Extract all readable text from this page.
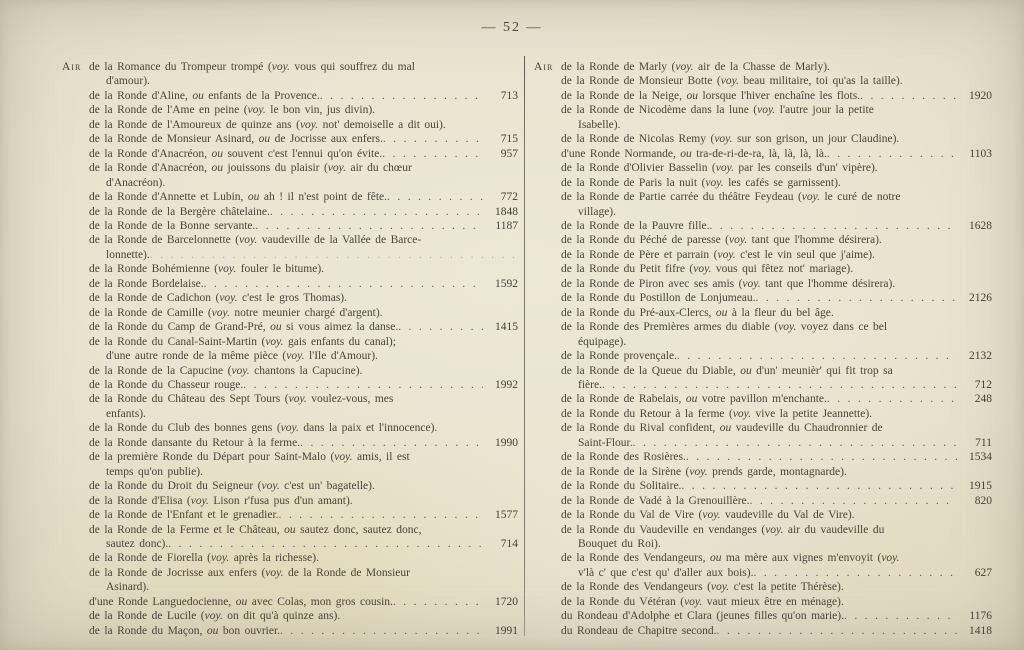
— 52 —
Air de la Romance du Trompeur trompé (voy. vous qui souffrez du mal
d'amour).
de la Ronde d'Aline, ou enfants de la Provence. . . .	713
de la Ronde de l'Ame en peine (voy. le bon vin, jus divin).
de la Ronde de l'Amoureux de quinze ans (voy. not' demoiselle a dit oui).
de la Ronde de Monsieur Asinard, ou de Jocrisse aux enfers. . . .	715
de la Ronde d'Anacréon, ou souvent c'est l'ennui qu'on évite. . . .	957
de la Ronde d'Anacréon, ou jouissons du plaisir (voy. air du chœur
d'Anacréon).
de la Ronde d'Annette et Lubin, ou ah ! il n'est point de fête. . . .	772
de la Ronde de la Bergère châtelaine. . . .	1848
de la Ronde de la Bonne servante. . . .	1187
de la Ronde de Barcelonnette (voy. vaudeville de la Vallée de Barce-
lonnette).
. . .
de la Ronde Bohémienne (voy. fouler le bitume).
de la Ronde Bordelaise. . . .	1592
de la Ronde de Cadichon (voy. c'est le gros Thomas).
de la Ronde de Camille (voy. notre meunier chargé d'argent).
de la Ronde du Camp de Grand-Pré, ou si vous aimez la danse. . . .	1415
de la Ronde du Canal-Saint-Martin (voy. gais enfants du canal);
d'une autre ronde de la même pièce (voy. l'Ile d'Amour).
de la Ronde de la Capucine (voy. chantons la Capucine).
de la Ronde du Chasseur rouge. . . .	1992
de la Ronde du Château des Sept Tours (voy. voulez-vous, mes
enfants).
de la Ronde du Club des bonnes gens (voy. dans la paix et l'innocence).
de la Ronde dansante du Retour à la ferme. . . .	1990
de la première Ronde du Départ pour Saint-Malo (voy. amis, il est
temps qu'on publie).
de la Ronde du Droit du Seigneur (voy. c'est un' bagatelle).
de la Ronde d'Elisa (voy. Lison r'fusa pus d'un amant).
de la Ronde de l'Enfant et le grenadier. . . .	1577
de la Ronde de la Ferme et le Château, ou sautez donc, sautez donc,
sautez donc). . . .	714
de la Ronde de Fiorella (voy. après la richesse).
de la Ronde de Jocrisse aux enfers (voy. de la Ronde de Monsieur
Asinard).
d'une Ronde Languedocienne, ou avec Colas, mon gros cousin. . . .	1720
de la Ronde de Lucile (voy. on dit qu'à quinze ans).
de la Ronde du Maçon, ou bon ouvrier. . . .	1991
Air de la Ronde de Marly (voy. air de la Chasse de Marly).
de la Ronde de Monsieur Botte (voy. beau militaire, toi qu'as la taille).
de la Ronde de la Neige, ou lorsque l'hiver enchaîne les flots. . . .	1920
de la Ronde de Nicodème dans la lune (voy. l'autre jour la petite
Isabelle).
de la Ronde de Nicolas Remy (voy. sur son grison, un jour Claudine).
d'une Ronde Normande, ou tra-de-ri-de-ra, là, là, là, là. . . .	1103
de la Ronde d'Olivier Basselin (voy. par les conseils d'un' vipère).
de la Ronde de Paris la nuit (voy. les cafés se garnissent).
de la Ronde de Partie carrée du théâtre Feydeau (voy. le curé de notre
village).
de la Ronde de la Pauvre fille. . . .	1628
de la Ronde du Péché de paresse (voy. tant que l'homme désirera).
de la Ronde de Père et parrain (voy. c'est le vin seul que j'aime).
de la Ronde du Petit fifre (voy. vous qui fêtez not' mariage).
de la Ronde de Piron avec ses amis (voy. tant que l'homme désirera).
de la Ronde du Postillon de Lonjumeau. . . .	2126
de la Ronde du Pré-aux-Clercs, ou à la fleur du bel âge.
de la Ronde des Premières armes du diable (voy. voyez dans ce bel
équipage).
de la Ronde provençale. . . .	2132
de la Ronde de la Queue du Diable, ou d'un' meunièr' qui fit trop sa
fière. . . .	712
de la Ronde de Rabelais, ou votre pavillon m'enchante. . . .	248
de la Ronde du Retour à la ferme (voy. vive la petite Jeannette).
de la Ronde du Rival confident, ou vaudeville du Chaudronnier de
Saint-Flour. . . .	711
de la Ronde des Rosières. . . .	1534
de la Ronde de la Sirène (voy. prends garde, montagnarde).
de la Ronde du Solitaire. . . .	1915
de la Ronde de Vadé à la Grenouillère. . . .	820
de la Ronde du Val de Vire (voy. vaudeville du Val de Vire).
de la Ronde du Vaudeville en vendanges (voy. air du vaudeville du
Bouquet du Roi).
de la Ronde des Vendangeurs, ou ma mère aux vignes m'envoyit (voy.
v'là c' que c'est qu' d'aller aux bois). . . .	627
de la Ronde des Vendangeurs (voy. c'est la petite Thérèse).
de la Ronde du Vétéran (voy. vaut mieux être en ménage).
du Rondeau d'Adolphe et Clara (jeunes filles qu'on marie). . . .	1176
du Rondeau de Chapitre second. . . .	1418
